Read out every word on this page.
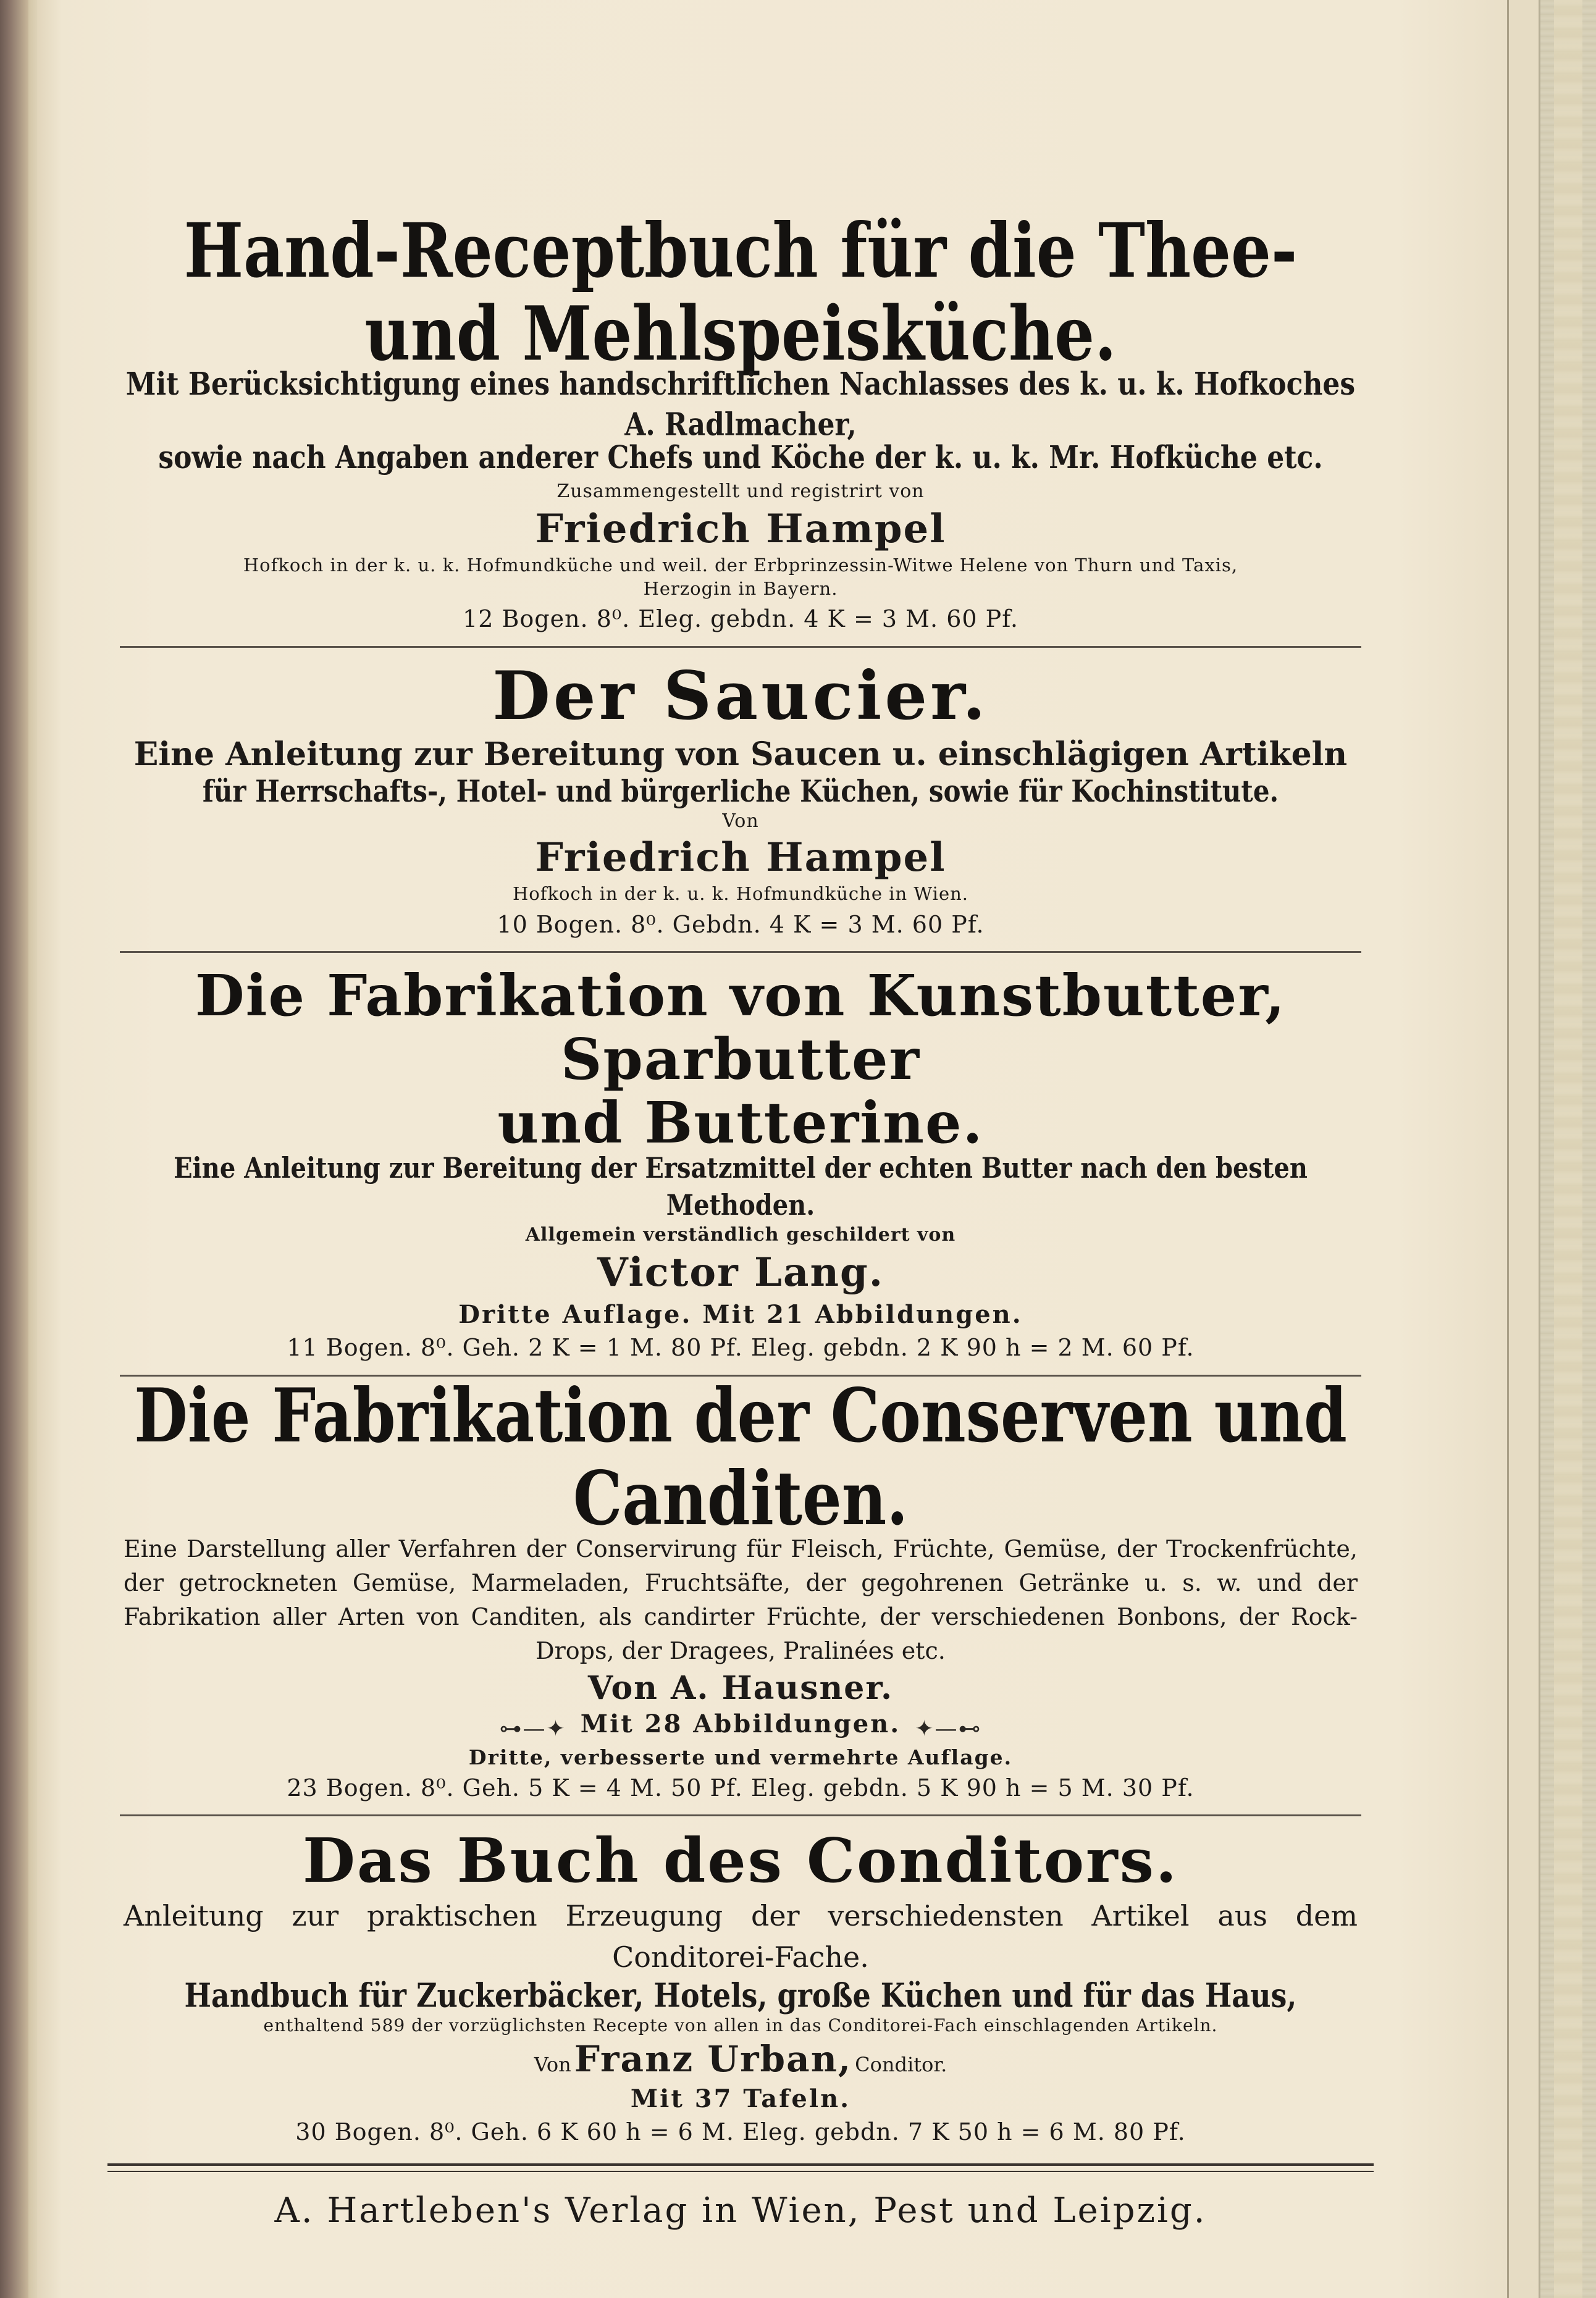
Hand-Receptbuch für die Thee- und Mehlspeisküche.

Mit Berücksichtigung eines handschriftlichen Nachlasses des k. u. k. Hofkoches A. Radlmacher,

sowie nach Angaben anderer Chefs und Köche der k. u. k. Mr. Hofküche etc.

Zusammengestellt und registrirt von

Friedrich Hampel

Hofkoch in der k. u. k. Hofmundküche und weil. der Erbprinzessin-Witwe Helene von Thurn und Taxis,

Herzogin in Bayern.

12 Bogen. 8⁰. Eleg. gebdn. 4 K = 3 M. 60 Pf.

Der Saucier.

Eine Anleitung zur Bereitung von Saucen u. einschlägigen Artikeln

für Herrschafts-, Hotel- und bürgerliche Küchen, sowie für Kochinstitute.

Von

Friedrich Hampel

Hofkoch in der k. u. k. Hofmundküche in Wien.

10 Bogen. 8⁰. Gebdn. 4 K = 3 M. 60 Pf.

Die Fabrikation von Kunstbutter, Sparbutter
und Butterine.

Eine Anleitung zur Bereitung der Ersatzmittel der echten Butter nach den besten Methoden.

Allgemein verständlich geschildert von

Victor Lang.

Dritte Auflage. Mit 21 Abbildungen.

11 Bogen. 8⁰. Geh. 2 K = 1 M. 80 Pf. Eleg. gebdn. 2 K 90 h = 2 M. 60 Pf.

Die Fabrikation der Conserven und Canditen.

Eine Darstellung aller Verfahren der Conservirung für Fleisch, Früchte, Gemüse, der Trockenfrüchte, der getrockneten Gemüse, Marmeladen, Fruchtsäfte, der gegohrenen Getränke u. s. w. und der Fabrikation aller Arten von Canditen, als candirter Früchte, der verschiedenen Bonbons, der Rock-Drops, der Dragees, Pralinées etc.

Von A. Hausner.

⊶—✦ Mit 28 Abbildungen. ✦—⊷

Dritte, verbesserte und vermehrte Auflage.

23 Bogen. 8⁰. Geh. 5 K = 4 M. 50 Pf. Eleg. gebdn. 5 K 90 h = 5 M. 30 Pf.

Das Buch des Conditors.

Anleitung zur praktischen Erzeugung der verschiedensten Artikel aus dem Conditorei-Fache.

Handbuch für Zuckerbäcker, Hotels, große Küchen und für das Haus,

enthaltend 589 der vorzüglichsten Recepte von allen in das Conditorei-Fach einschlagenden Artikeln.

Von Franz Urban, Conditor.

Mit 37 Tafeln.

30 Bogen. 8⁰. Geh. 6 K 60 h = 6 M. Eleg. gebdn. 7 K 50 h = 6 M. 80 Pf.

A. Hartleben's Verlag in Wien, Pest und Leipzig.
